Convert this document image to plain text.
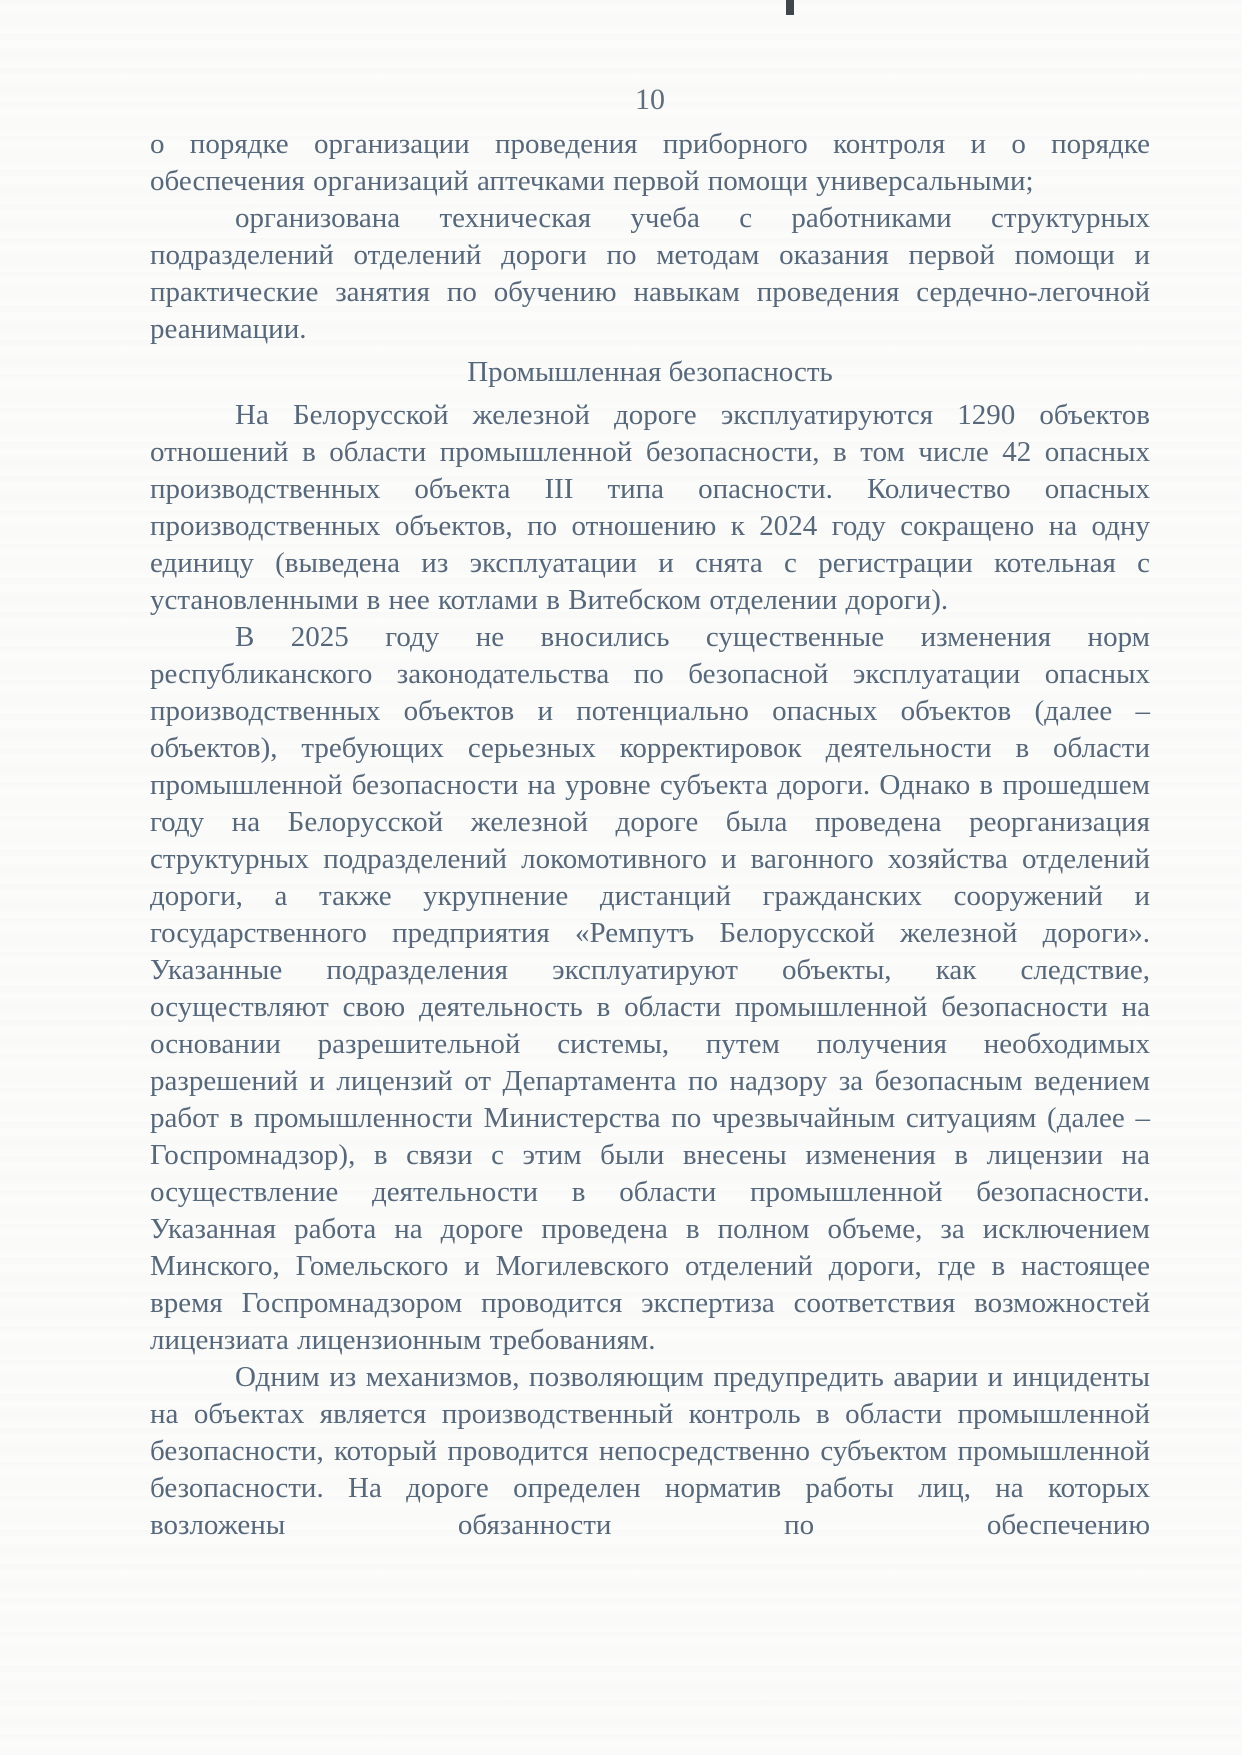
10

о порядке организации проведения приборного контроля и о порядке обеспечения организаций аптечками первой помощи универсальными;

организована техническая учеба с работниками структурных подразделений отделений дороги по методам оказания первой помощи и практические занятия по обучению навыкам проведения сердечно-легочной реанимации.

Промышленная безопасность

На Белорусской железной дороге эксплуатируются 1290 объектов отношений в области промышленной безопасности, в том числе 42 опасных производственных объекта III типа опасности. Количество опасных производственных объектов, по отношению к 2024 году сокращено на одну единицу (выведена из эксплуатации и снята с регистрации котельная с установленными в нее котлами в Витебском отделении дороги).

В 2025 году не вносились существенные изменения норм республиканского законодательства по безопасной эксплуатации опасных производственных объектов и потенциально опасных объектов (далее – объектов), требующих серьезных корректировок деятельности в области промышленной безопасности на уровне субъекта дороги. Однако в прошедшем году на Белорусской железной дороге была проведена реорганизация структурных подразделений локомотивного и вагонного хозяйства отделений дороги, а также укрупнение дистанций гражданских сооружений и государственного предприятия «Ремпутъ Белорусской железной дороги». Указанные подразделения эксплуатируют объекты, как следствие, осуществляют свою деятельность в области промышленной безопасности на основании разрешительной системы, путем получения необходимых разрешений и лицензий от Департамента по надзору за безопасным ведением работ в промышленности Министерства по чрезвычайным ситуациям (далее – Госпромнадзор), в связи с этим были внесены изменения в лицензии на осуществление деятельности в области промышленной безопасности. Указанная работа на дороге проведена в полном объеме, за исключением Минского, Гомельского и Могилевского отделений дороги, где в настоящее время Госпромнадзором проводится экспертиза соответствия возможностей лицензиата лицензионным требованиям.

Одним из механизмов, позволяющим предупредить аварии и инциденты на объектах является производственный контроль в области промышленной безопасности, который проводится непосредственно субъектом промышленной безопасности. На дороге определен норматив работы лиц, на которых возложены обязанности по обеспечению
